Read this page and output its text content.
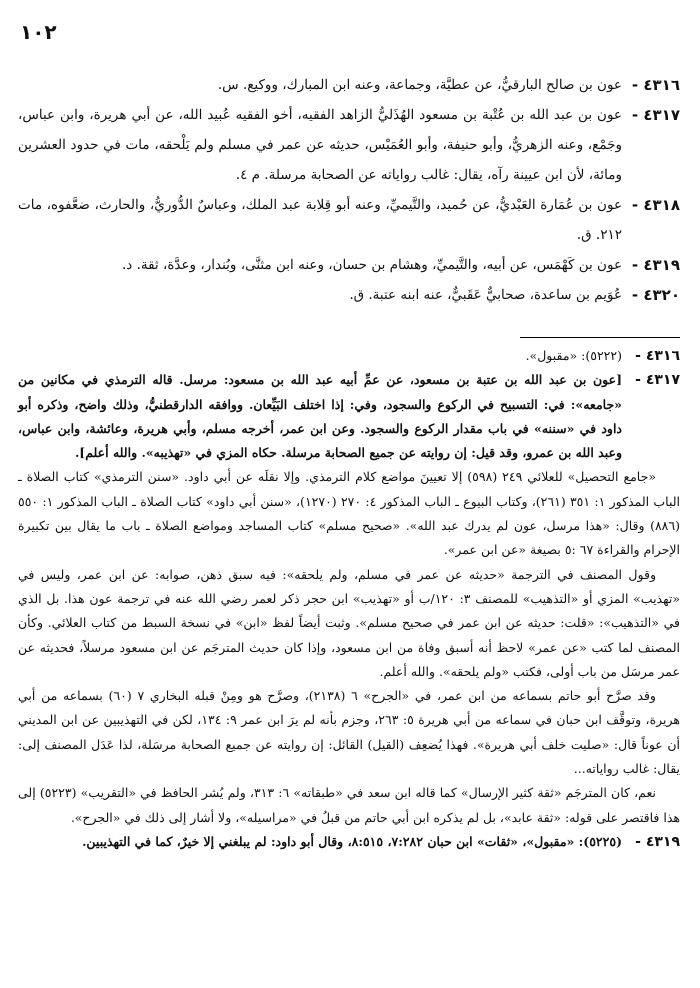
١٠٢
٤٣١٦ -
عون بن صالح البارقيُّ، عن عطيَّة، وجماعة، وعنه ابن المبارك، ووكيع. س.
٤٣١٧ -
عون بن عبد الله بن عُتْبة بن مسعود الهُذَليُّ الزاهد الفقيه، أخو الفقيه عُبيد الله، عن أبي هريرة، وابن عباس، وجَمْع، وعنه الزهريُّ، وأبو حنيفة، وأبو العُمَيْس، حديثه عن عمر في مسلم ولم يَلْحقه، مات في حدود العشرين ومائة، لأن ابن عيينة رآه، يقال: غالب رواياته عن الصحابة مرسلة. م ٤.
٤٣١٨ -
عون بن عُمَارة العَبْديُّ، عن حُميد، والتَّيميِّ، وعنه أبو قِلابة عبد الملك، وعباسٌ الدُّوريُّ، والحارث، ضعَّفوه، مات ٢١٢. ق.
٤٣١٩ -
عون بن كَهْمَس، عن أبيه، والتَّيميِّ، وهشام بن حسان، وعنه ابن مثنَّى، وبُندار، وعدَّة، ثقة. د.
٤٣٢٠ -
عُوَيم بن ساعدة، صحابيٌّ عَقَبيٌّ، عنه ابنه عتبة. ق.
٤٣١٦ -
(٥٢٢٢): «مقبول».
٤٣١٧ -
[عون بن عبد الله بن عتبة بن مسعود، عن عمِّ أبيه عبد الله بن مسعود: مرسل. قاله الترمذي في مكانين من «جامعه»: في: التسبيح في الركوع والسجود، وفي: إذا اختلف البَيِّعان. ووافقه الدارقطنيُّ، وذلك واضح، وذكره أبو داود في «سننه» في باب مقدار الركوع والسجود. وعن ابن عمر، أخرجه مسلم، وأبي هريرة، وعائشة، وابن عباس، وعبد الله بن عمرو، وقد قيل: إن روايته عن جميع الصحابة مرسلة. حكاه المزي في «تهذيبه». والله أعلم].
«جامع التحصيل» للعلائي ٢٤٩ (٥٩٨) إلا تعيينَ مواضع كلام الترمذي. وإلا نقلَه عن أبي داود. «سنن الترمذي» كتاب الصلاة ـ الباب المذكور ١: ٣٥١ (٢٦١)، وكتاب البيوع ـ الباب المذكور ٤: ٢٧٠ (١٢٧٠)، «سنن أبي داود» كتاب الصلاة ـ الباب المذكور ١: ٥٥٠ (٨٨٦) وقال: «هذا مرسل، عون لم يدرك عبد الله». «صحيح مسلم» كتاب المساجد ومواضع الصلاة ـ باب ما يقال بين تكبيرة الإحرام والقراءة ٦٧ :٥ بصيغة «عن ابن عمر».
وقول المصنف في الترجمة «حديثه عن عمر في مسلم، ولم يلحقه»: فيه سبق ذهن، صوابه: عن ابن عمر، وليس في «تهذيب» المزي أو «التذهيب» للمصنف ٣: ١٢٠/ب أو «تهذيب» ابن حجر ذكر لعمر رضي الله عنه في ترجمة عون هذا. بل الذي في «التذهيب»: «قلت: حديثه عن ابن عمر في صحيح مسلم». وثبت أيضاً لفظ «ابن» في نسخة السبط من كتاب العلائي. وكأن المصنف لما كتب «عن عمر» لاحظ أنه أسبق وفاة من ابن مسعود، وإذا كان حديث المترجَم عن ابن مسعود مرسلاً، فحديثه عن عمر مرسَل من باب أولى، فكتب «ولم يلحقه». والله أعلم.
وقد صرَّح أبو حاتم بسماعه من ابن عمر، في «الجرح» ٦ (٢١٣٨)، وصرَّح هو ومِنْ قبله البخاري ٧ (٦٠) بسماعه من أبي هريرة، وتوقَّف ابن حبان في سماعه من أبي هريرة ٥: ٢٦٣، وجزم بأنه لم يرَ ابن عمر ٩: ١٣٤، لكن في التهذيبين عن ابن المديني أن عوناً قال: «صليت خلف أبي هريرة». فهذا يُضعِف (القيل) القائل: إن روايته عن جميع الصحابة مرسَلة، لذا عَدَل المصنف إلى: يقال: غالب رواياته...
نعم، كان المترجَم «ثقة كثير الإرسال» كما قاله ابن سعد في «طبقاته» ٦: ٣١٣، ولم يُشر الحافظ في «التقريب» (٥٢٢٣) إلى هذا فاقتصر على قوله: «ثقة عابد»، بل لم يذكره ابن أبي حاتم من قبلُ في «مراسيله»، ولا أشار إلى ذلك في «الجرح».
٤٣١٩ -
(٥٢٢٥): «مقبول»، «ثقات» ابن حبان ٧:٢٨٢، ٨:٥١٥، وقال أبو داود: لم يبلغني إلا خيرٌ، كما في التهذيبين.
